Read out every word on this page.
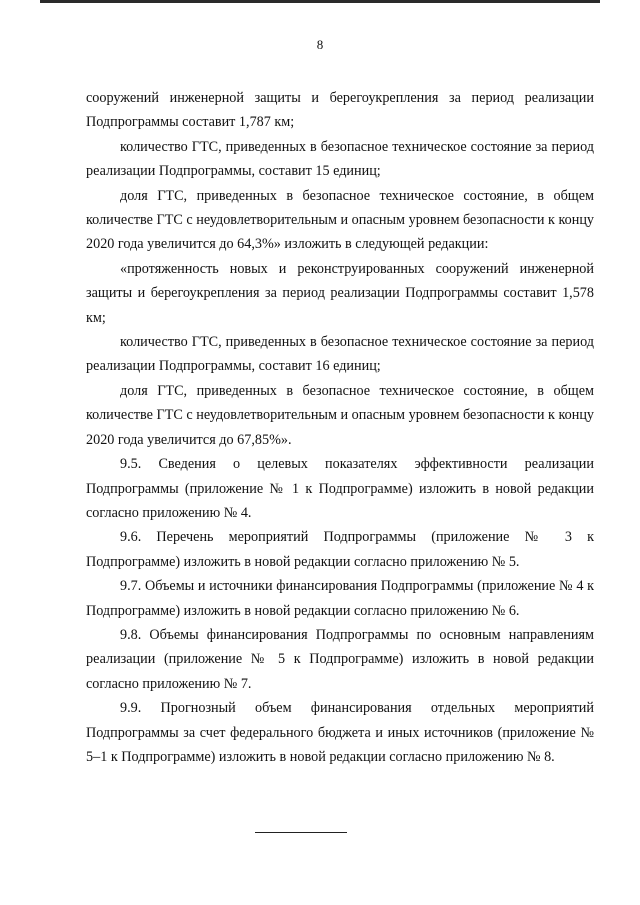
8

сооружений инженерной защиты и берегоукрепления за период реализации Подпрограммы составит 1,787 км;

количество ГТС, приведенных в безопасное техническое состояние за период реализации Подпрограммы, составит 15 единиц;

доля ГТС, приведенных в безопасное техническое состояние, в общем количестве ГТС с неудовлетворительным и опасным уровнем безопасности к концу 2020 года увеличится до 64,3%» изложить в следующей редакции:

«протяженность новых и реконструированных сооружений инженерной защиты и берегоукрепления за период реализации Подпрограммы составит 1,578 км;

количество ГТС, приведенных в безопасное техническое состояние за период реализации Подпрограммы, составит 16 единиц;

доля ГТС, приведенных в безопасное техническое состояние, в общем количестве ГТС с неудовлетворительным и опасным уровнем безопасности к концу 2020 года увеличится до 67,85%».

9.5. Сведения о целевых показателях эффективности реализации Подпрограммы (приложение № 1 к Подпрограмме) изложить в новой редакции согласно приложению № 4.

9.6. Перечень мероприятий Подпрограммы (приложение № 3 к Подпрограмме) изложить в новой редакции согласно приложению № 5.

9.7. Объемы и источники финансирования Подпрограммы (приложение № 4 к Подпрограмме) изложить в новой редакции согласно приложению № 6.

9.8. Объемы финансирования Подпрограммы по основным направлениям реализации (приложение № 5 к Подпрограмме) изложить в новой редакции согласно приложению № 7.

9.9. Прогнозный объем финансирования отдельных мероприятий Подпрограммы за счет федерального бюджета и иных источников (приложение № 5–1 к Подпрограмме) изложить в новой редакции согласно приложению № 8.
